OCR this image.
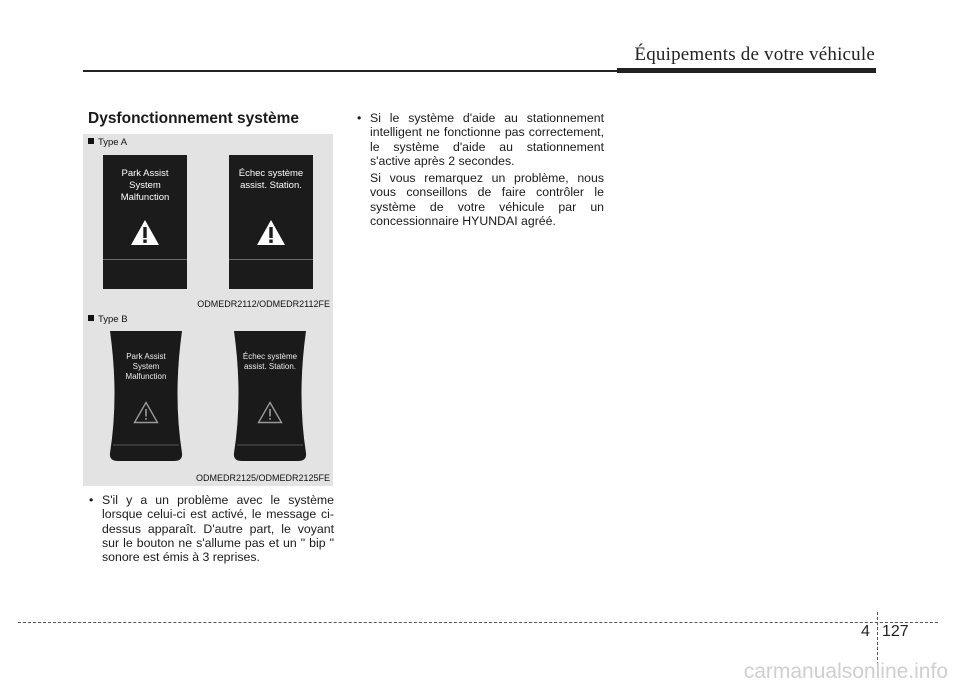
Équipements de votre véhicule
Dysfonctionnement système
Type A
Park Assist
System
Malfunction
Échec système
assist. Station.
ODMEDR2112/ODMEDR2112FE
Type B
Park Assist
System
Malfunction
Échec système
assist. Station.
ODMEDR2125/ODMEDR2125FE
• S'il y a un problème avec le système lorsque celui-ci est activé, le message ci-dessus apparaît. D'autre part, le voyant sur le bouton ne s'allume pas et un " bip " sonore est émis à 3 reprises.

• Si le système d'aide au stationnement intelligent ne fonctionne pas correctement, le système d'aide au stationnement s'active après 2 secondes.

Si vous remarquez un problème, nous vous conseillons de faire contrôler le système de votre véhicule par un concessionnaire HYUNDAI agréé.

4 127
carmanualsonline.info
